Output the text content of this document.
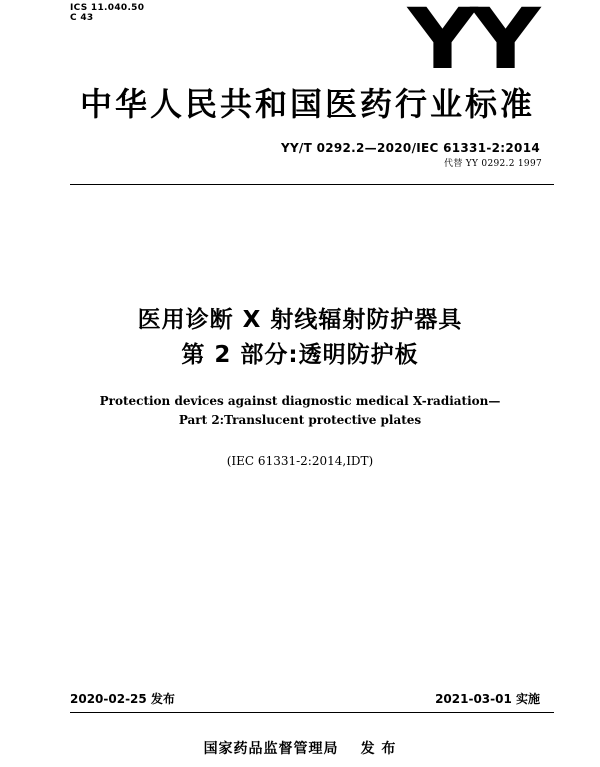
ICS 11.040.50
C 43	YY
中华人民共和国医药行业标准
YY/T 0292.2—2020/IEC 61331-2:2014
代替 YY 0292.2 1997
医用诊断 X 射线辐射防护器具
第 2 部分:透明防护板
Protection devices against diagnostic medical X-radiation—
Part 2:Translucent protective plates
(IEC 61331-2:2014,IDT)
2020-02-25 发布	2021-03-01 实施
国家药品监督管理局 发 布
